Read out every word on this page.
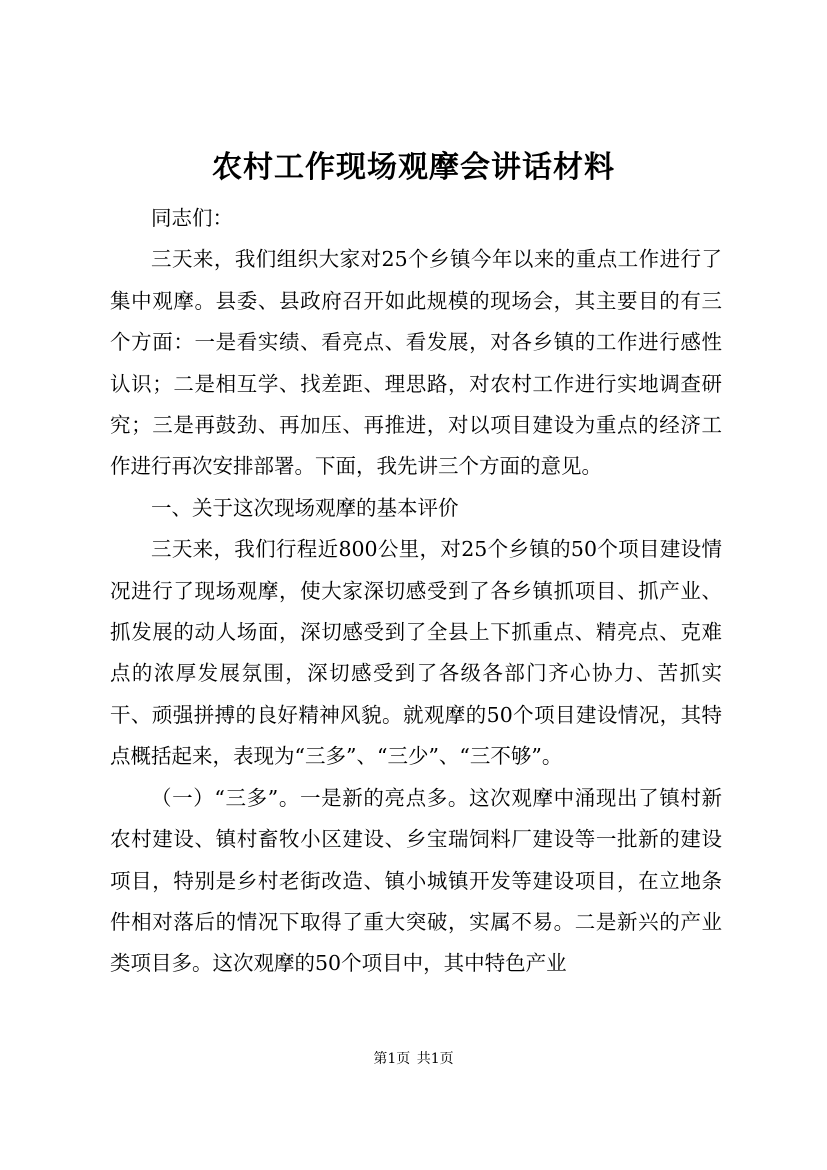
农村工作现场观摩会讲话材料

同志们：

三天来，我们组织大家对25个乡镇今年以来的重点工作进行了集中观摩。县委、县政府召开如此规模的现场会，其主要目的有三个方面：一是看实绩、看亮点、看发展，对各乡镇的工作进行感性认识；二是相互学、找差距、理思路，对农村工作进行实地调查研究；三是再鼓劲、再加压、再推进，对以项目建设为重点的经济工作进行再次安排部署。下面，我先讲三个方面的意见。

一、关于这次现场观摩的基本评价

三天来，我们行程近800公里，对25个乡镇的50个项目建设情况进行了现场观摩，使大家深切感受到了各乡镇抓项目、抓产业、抓发展的动人场面，深切感受到了全县上下抓重点、精亮点、克难点的浓厚发展氛围，深切感受到了各级各部门齐心协力、苦抓实干、顽强拼搏的良好精神风貌。就观摩的50个项目建设情况，其特点概括起来，表现为“三多”、“三少”、“三不够”。

（一）“三多”。一是新的亮点多。这次观摩中涌现出了镇村新农村建设、镇村畜牧小区建设、乡宝瑞饲料厂建设等一批新的建设项目，特别是乡村老街改造、镇小城镇开发等建设项目，在立地条件相对落后的情况下取得了重大突破，实属不易。二是新兴的产业类项目多。这次观摩的50个项目中，其中特色产业

第1页 共1页
